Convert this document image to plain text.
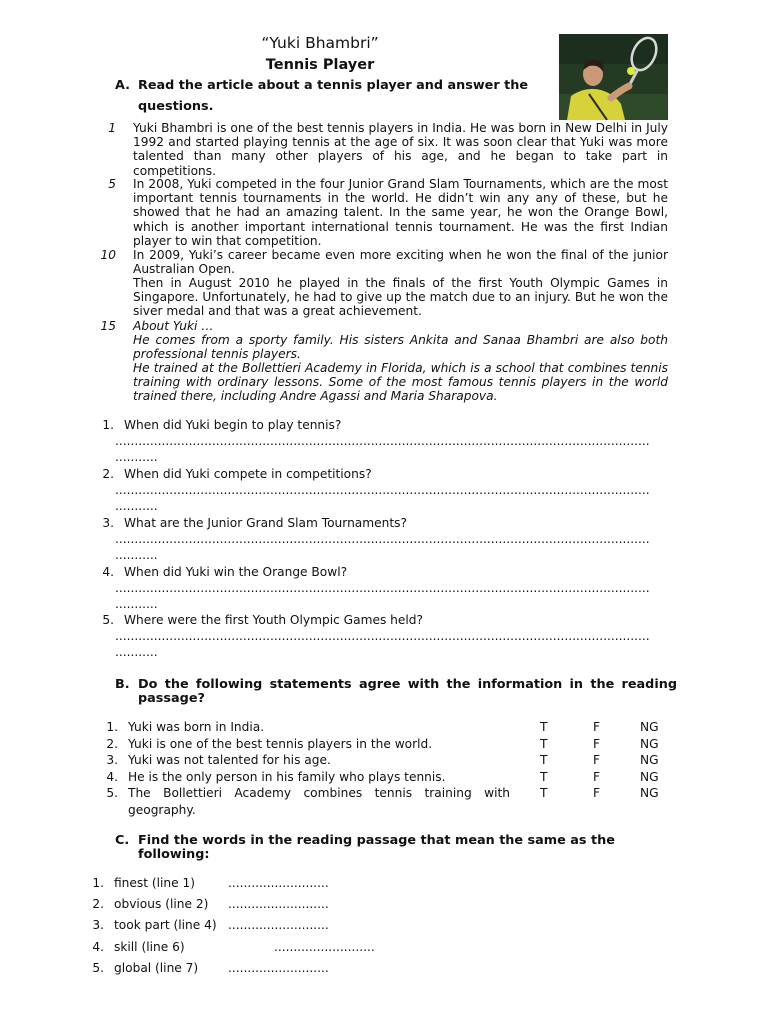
“Yuki Bhambri”
Tennis Player
A. Read the article about a tennis player and answer the
questions.
1 Yuki Bhambri is one of the best tennis players in India. He was born in New Delhi in July 1992 and started playing tennis at the age of six. It was soon clear that Yuki was more talented than many other players of his age, and he began to take part in competitions.
5 In 2008, Yuki competed in the four Junior Grand Slam Tournaments, which are the most important tennis tournaments in the world. He didn’t win any any of these, but he showed that he had an amazing talent. In the same year, he won the Orange Bowl, which is another important international tennis tournament. He was the first Indian player to win that competition.
10 In 2009, Yuki’s career became even more exciting when he won the final of the junior Australian Open.
Then in August 2010 he played in the finals of the first Youth Olympic Games in Singapore. Unfortunately, he had to give up the match due to an injury. But he won the siver medal and that was a great achievement.
15 About Yuki …
He comes from a sporty family. His sisters Ankita and Sanaa Bhambri are also both professional tennis players.
He trained at the Bollettieri Academy in Florida, which is a school that combines tennis training with ordinary lessons. Some of the most famous tennis players in the world trained there, including Andre Agassi and Maria Sharapova.
1. When did Yuki begin to play tennis?
..........................................................................................................................................
...........
2. When did Yuki compete in competitions?
..........................................................................................................................................
...........
3. What are the Junior Grand Slam Tournaments?
..........................................................................................................................................
...........
4. When did Yuki win the Orange Bowl?
..........................................................................................................................................
...........
5. Where were the first Youth Olympic Games held?
..........................................................................................................................................
...........
B. Do the following statements agree with the information in the reading passage?
1. Yuki was born in India.	T	F	NG
2. Yuki is one of the best tennis players in the world.	T	F	NG
3. Yuki was not talented for his age.	T	F	NG
4. He is the only person in his family who plays tennis.	T	F	NG
5. The Bollettieri Academy combines tennis training with T	F	NG
geography.
C. Find the words in the reading passage that mean the same as the
following:
1. finest (line 1)	..........................
2. obvious (line 2) ..........................
3. took part (line 4) ..........................
4. skill (line 6)	..........................
5. global (line 7) ..........................
